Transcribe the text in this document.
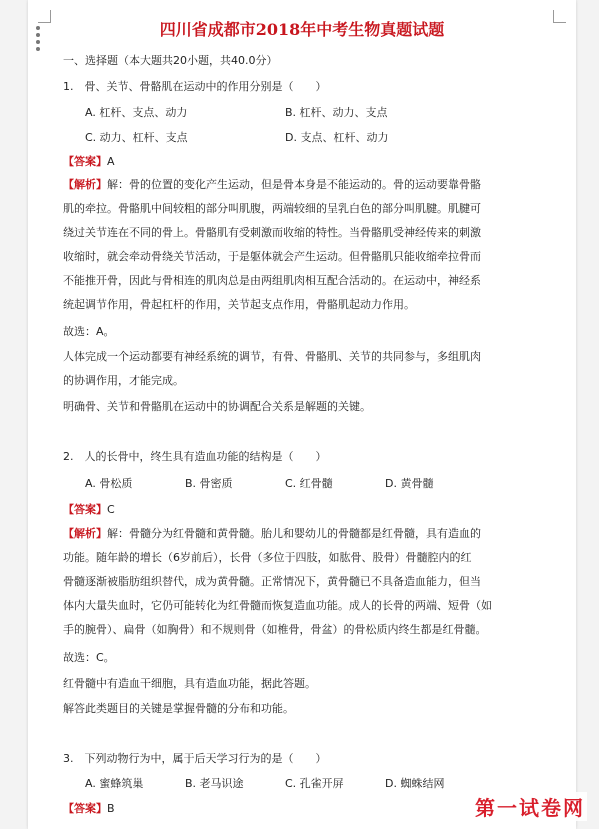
四川省成都市2018年中考生物真题试题
一、选择题（本大题共20小题，共40.0分）
1.　骨、关节、骨骼肌在运动中的作用分别是（　　）
A. 杠杆、支点、动力	B. 杠杆、动力、支点
C. 动力、杠杆、支点	D. 支点、杠杆、动力
【答案】A
【解析】解：骨的位置的变化产生运动，但是骨本身是不能运动的。骨的运动要靠骨骼
肌的牵拉。骨骼肌中间较粗的部分叫肌腹，两端较细的呈乳白色的部分叫肌腱。肌腱可
绕过关节连在不同的骨上。骨骼肌有受刺激而收缩的特性。当骨骼肌受神经传来的刺激
收缩时，就会牵动骨绕关节活动，于是躯体就会产生运动。但骨骼肌只能收缩牵拉骨而
不能推开骨，因此与骨相连的肌肉总是由两组肌肉相互配合活动的。在运动中，神经系
统起调节作用，骨起杠杆的作用，关节起支点作用，骨骼肌起动力作用。
故选：A。
人体完成一个运动都要有神经系统的调节，有骨、骨骼肌、关节的共同参与，多组肌肉
的协调作用，才能完成。
明确骨、关节和骨骼肌在运动中的协调配合关系是解题的关键。
2.　人的长骨中，终生具有造血功能的结构是（　　）
A. 骨松质	B. 骨密质	C. 红骨髓	D. 黄骨髓
【答案】C
【解析】解：骨髓分为红骨髓和黄骨髓。胎儿和婴幼儿的骨髓都是红骨髓，具有造血的
功能。随年龄的增长（6岁前后），长骨（多位于四肢，如肱骨、股骨）骨髓腔内的红
骨髓逐渐被脂肪组织替代，成为黄骨髓。正常情况下，黄骨髓已不具备造血能力，但当
体内大量失血时，它仍可能转化为红骨髓而恢复造血功能。成人的长骨的两端、短骨（如
手的腕骨）、扁骨（如胸骨）和不规则骨（如椎骨，骨盆）的骨松质内终生都是红骨髓。
故选：C。
红骨髓中有造血干细胞，具有造血功能，据此答题。
解答此类题目的关键是掌握骨髓的分布和功能。
3.　下列动物行为中，属于后天学习行为的是（　　）
A. 蜜蜂筑巢	B. 老马识途	C. 孔雀开屏	D. 蜘蛛结网
【答案】B	第一试卷网
